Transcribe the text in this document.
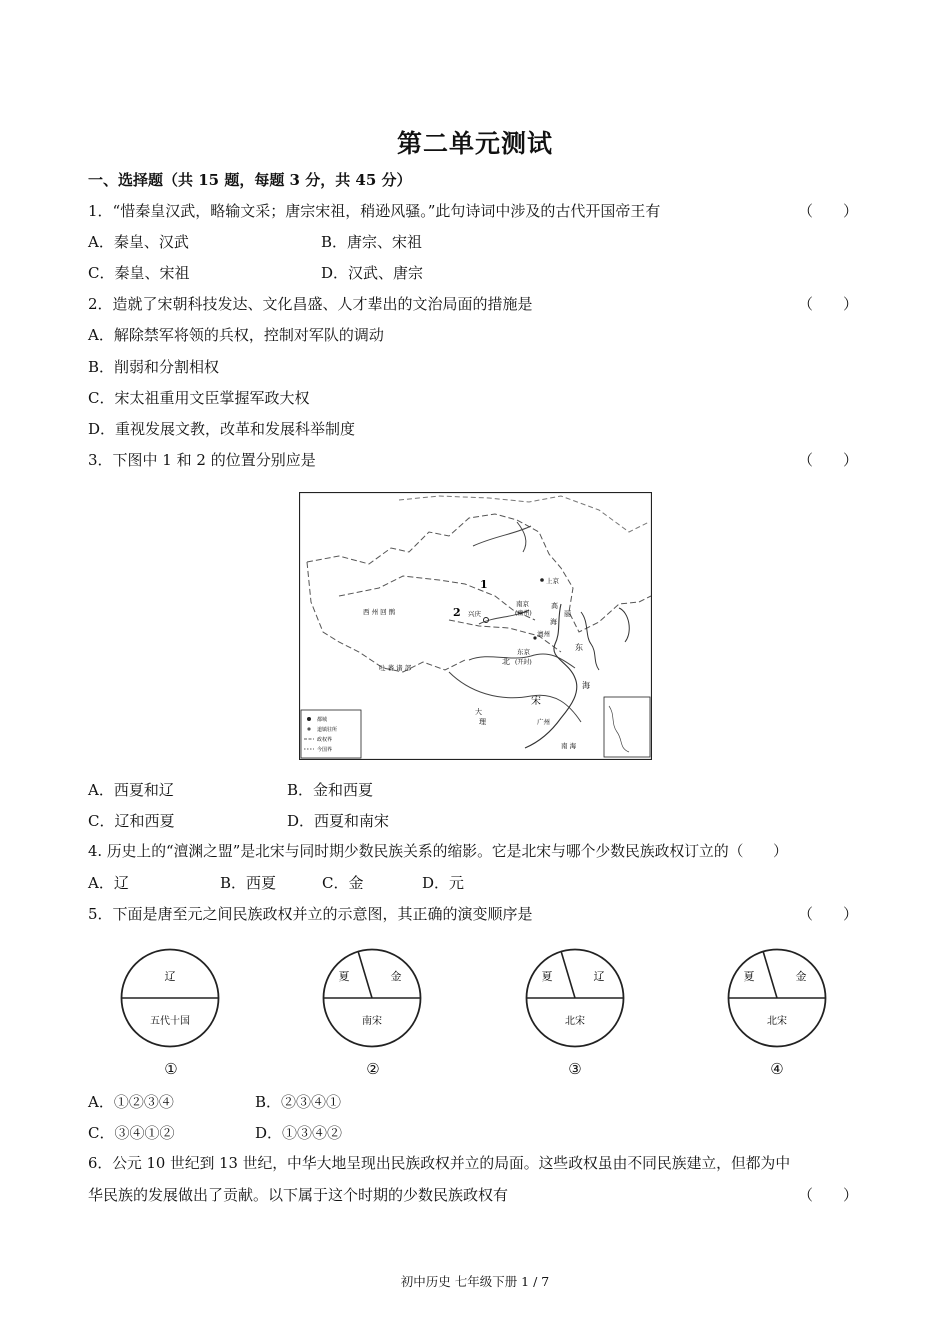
第二单元测试
一、选择题（共 15 题，每题 3 分，共 45 分）
1．“惜秦皇汉武，略输文采；唐宗宋祖，稍逊风骚。”此句诗词中涉及的古代开国帝王有	（　　）
A．秦皇、汉武	B．唐宗、宋祖
C．秦皇、宋祖	D．汉武、唐宗
2．造就了宋朝科技发达、文化昌盛、人才辈出的文治局面的措施是	（　　）
A．解除禁军将领的兵权，控制对军队的调动
B．削弱和分割相权
C．宋太祖重用文臣掌握军政大权
D．重视发展文教，改革和发展科举制度
3．下图中 1 和 2 的位置分别应是	（　　）
1
2
上京
西 州 回 鹘	兴庆
南京
(幽州)
高
丽
海
澶州
东京
(开封)
北
吐 蕃 诸 部
宋
大
理	广州
南 海
东
海
都城
道镇驻所
政权界
今国界
A．西夏和辽	B．金和西夏
C．辽和西夏	D．西夏和南宋
4. 历史上的“澶渊之盟”是北宋与同时期少数民族关系的缩影。它是北宋与哪个少数民族政权订立的（　　）
A．辽	B．西夏	C．金	D．元
5．下面是唐至元之间民族政权并立的示意图，其正确的演变顺序是	（　　）
辽
五代十国
夏	金
南宋
夏	辽
北宋
夏	金
北宋
①	②	③	④
A．①②③④	B．②③④①
C．③④①②	D．①③④②
6．公元 10 世纪到 13 世纪，中华大地呈现出民族政权并立的局面。这些政权虽由不同民族建立，但都为中
华民族的发展做出了贡献。以下属于这个时期的少数民族政权有	（　　）
初中历史 七年级下册 1 / 7
